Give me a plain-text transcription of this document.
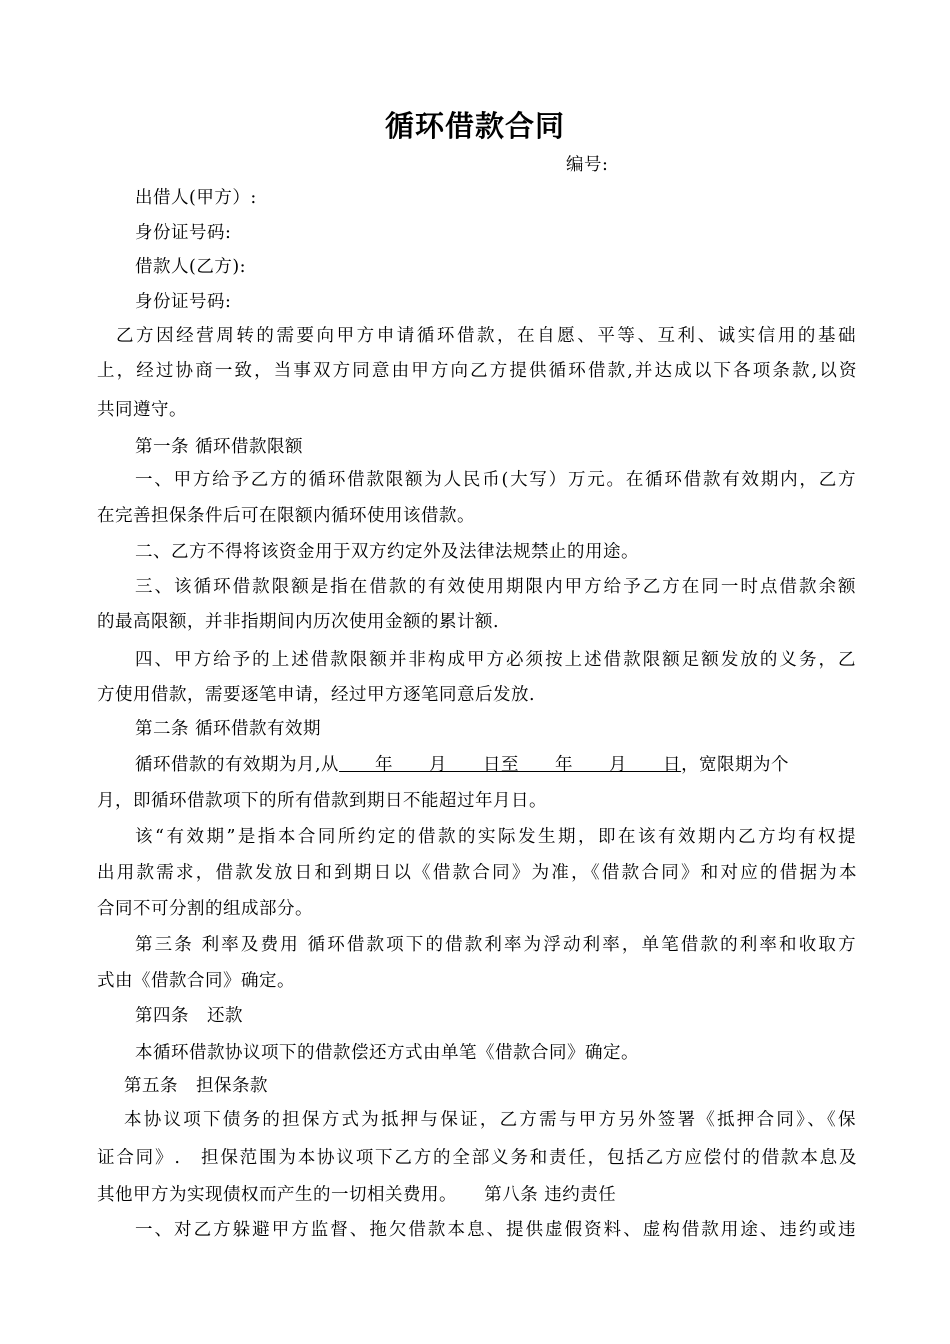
循环借款合同
编号:
出借人(甲方）:
身份证号码:
借款人(乙方):
身份证号码:
乙方因经营周转的需要向甲方申请循环借款，在自愿、平等、互利、诚实信用的基础
上，经过协商一致，当事双方同意由甲方向乙方提供循环借款,并达成以下各项条款,以资
共同遵守。
第一条 循环借款限额
一、甲方给予乙方的循环借款限额为人民币(大写）万元。在循环借款有效期内，乙方
在完善担保条件后可在限额内循环使用该借款。
二、乙方不得将该资金用于双方约定外及法律法规禁止的用途。
三、该循环借款限额是指在借款的有效使用期限内甲方给予乙方在同一时点借款余额
的最高限额，并非指期间内历次使用金额的累计额.
四、甲方给予的上述借款限额并非构成甲方必须按上述借款限额足额发放的义务，乙
方使用借款，需要逐笔申请，经过甲方逐笔同意后发放.
第二条 循环借款有效期
循环借款的有效期为月,从　　年　　月　　日至　　年　　月　　日，宽限期为个
月，即循环借款项下的所有借款到期日不能超过年月日。
该“有效期”是指本合同所约定的借款的实际发生期，即在该有效期内乙方均有权提
出用款需求，借款发放日和到期日以《借款合同》为准，《借款合同》和对应的借据为本
合同不可分割的组成部分。
第三条 利率及费用 循环借款项下的借款利率为浮动利率，单笔借款的利率和收取方
式由《借款合同》确定。
第四条　还款
本循环借款协议项下的借款偿还方式由单笔《借款合同》确定。
第五条　担保条款
本协议项下债务的担保方式为抵押与保证，乙方需与甲方另外签署《抵押合同》、《保
证合同》.　担保范围为本协议项下乙方的全部义务和责任，包括乙方应偿付的借款本息及
其他甲方为实现债权而产生的一切相关费用。　　第八条 违约责任
一、对乙方躲避甲方监督、拖欠借款本息、提供虚假资料、虚构借款用途、违约或违
